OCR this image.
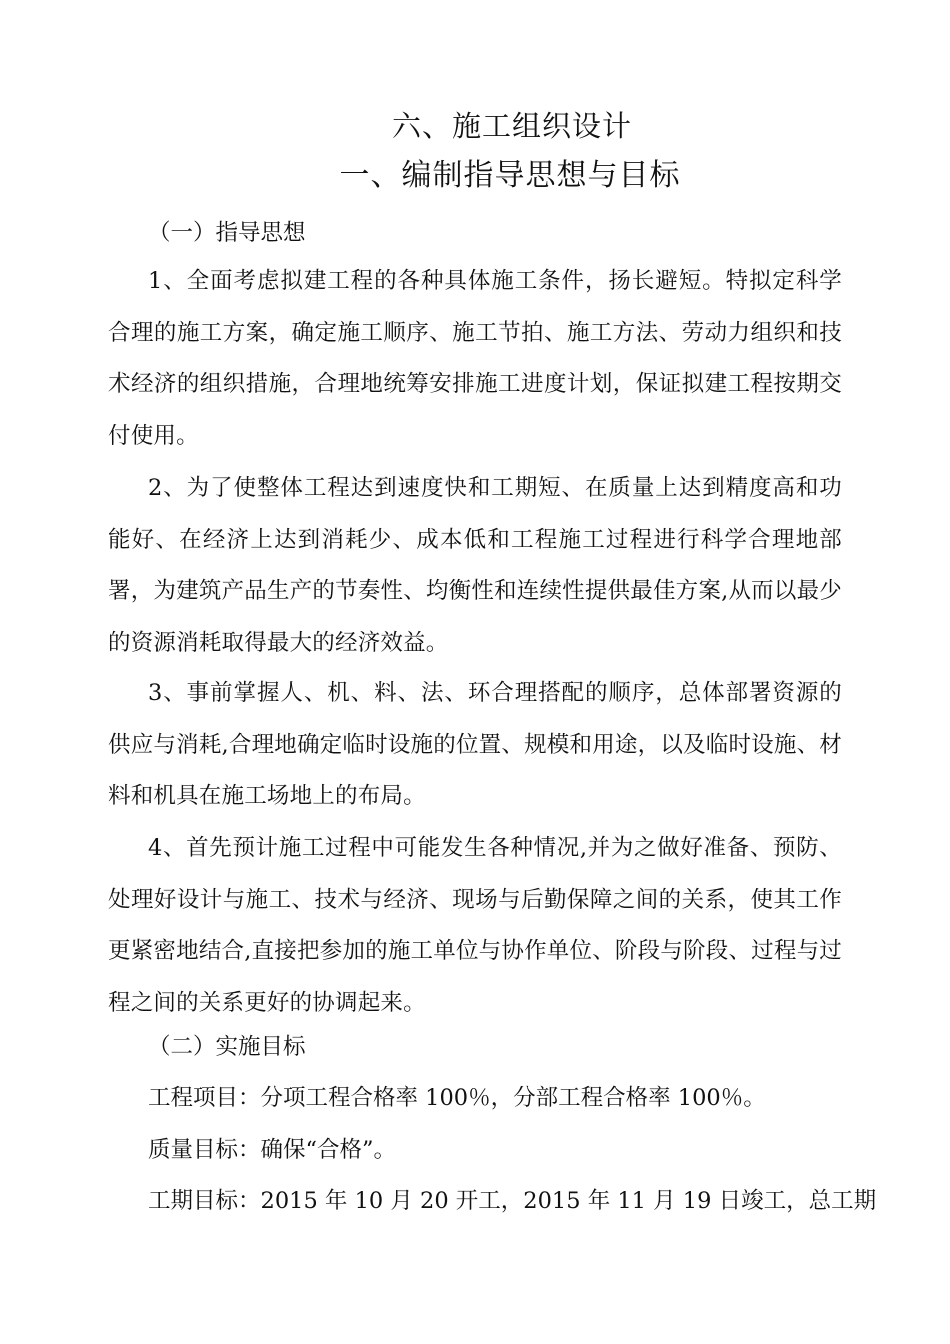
六、施工组织设计
一、编制指导思想与目标
（一）指导思想
1、全面考虑拟建工程的各种具体施工条件，扬长避短。特拟定科学合理的施工方案，确定施工顺序、施工节拍、施工方法、劳动力组织和技术经济的组织措施，合理地统筹安排施工进度计划，保证拟建工程按期交付使用。
2、为了使整体工程达到速度快和工期短、在质量上达到精度高和功能好、在经济上达到消耗少、成本低和工程施工过程进行科学合理地部署，为建筑产品生产的节奏性、均衡性和连续性提供最佳方案,从而以最少的资源消耗取得最大的经济效益。
3、事前掌握人、机、料、法、环合理搭配的顺序，总体部署资源的供应与消耗,合理地确定临时设施的位置、规模和用途，以及临时设施、材料和机具在施工场地上的布局。
4、首先预计施工过程中可能发生各种情况,并为之做好准备、预防、处理好设计与施工、技术与经济、现场与后勤保障之间的关系，使其工作更紧密地结合,直接把参加的施工单位与协作单位、阶段与阶段、过程与过程之间的关系更好的协调起来。
（二）实施目标
工程项目：分项工程合格率 100％，分部工程合格率 100％。
质量目标：确保“合格”。
工期目标：2015 年 10 月 20 开工，2015 年 11 月 19 日竣工，总工期
